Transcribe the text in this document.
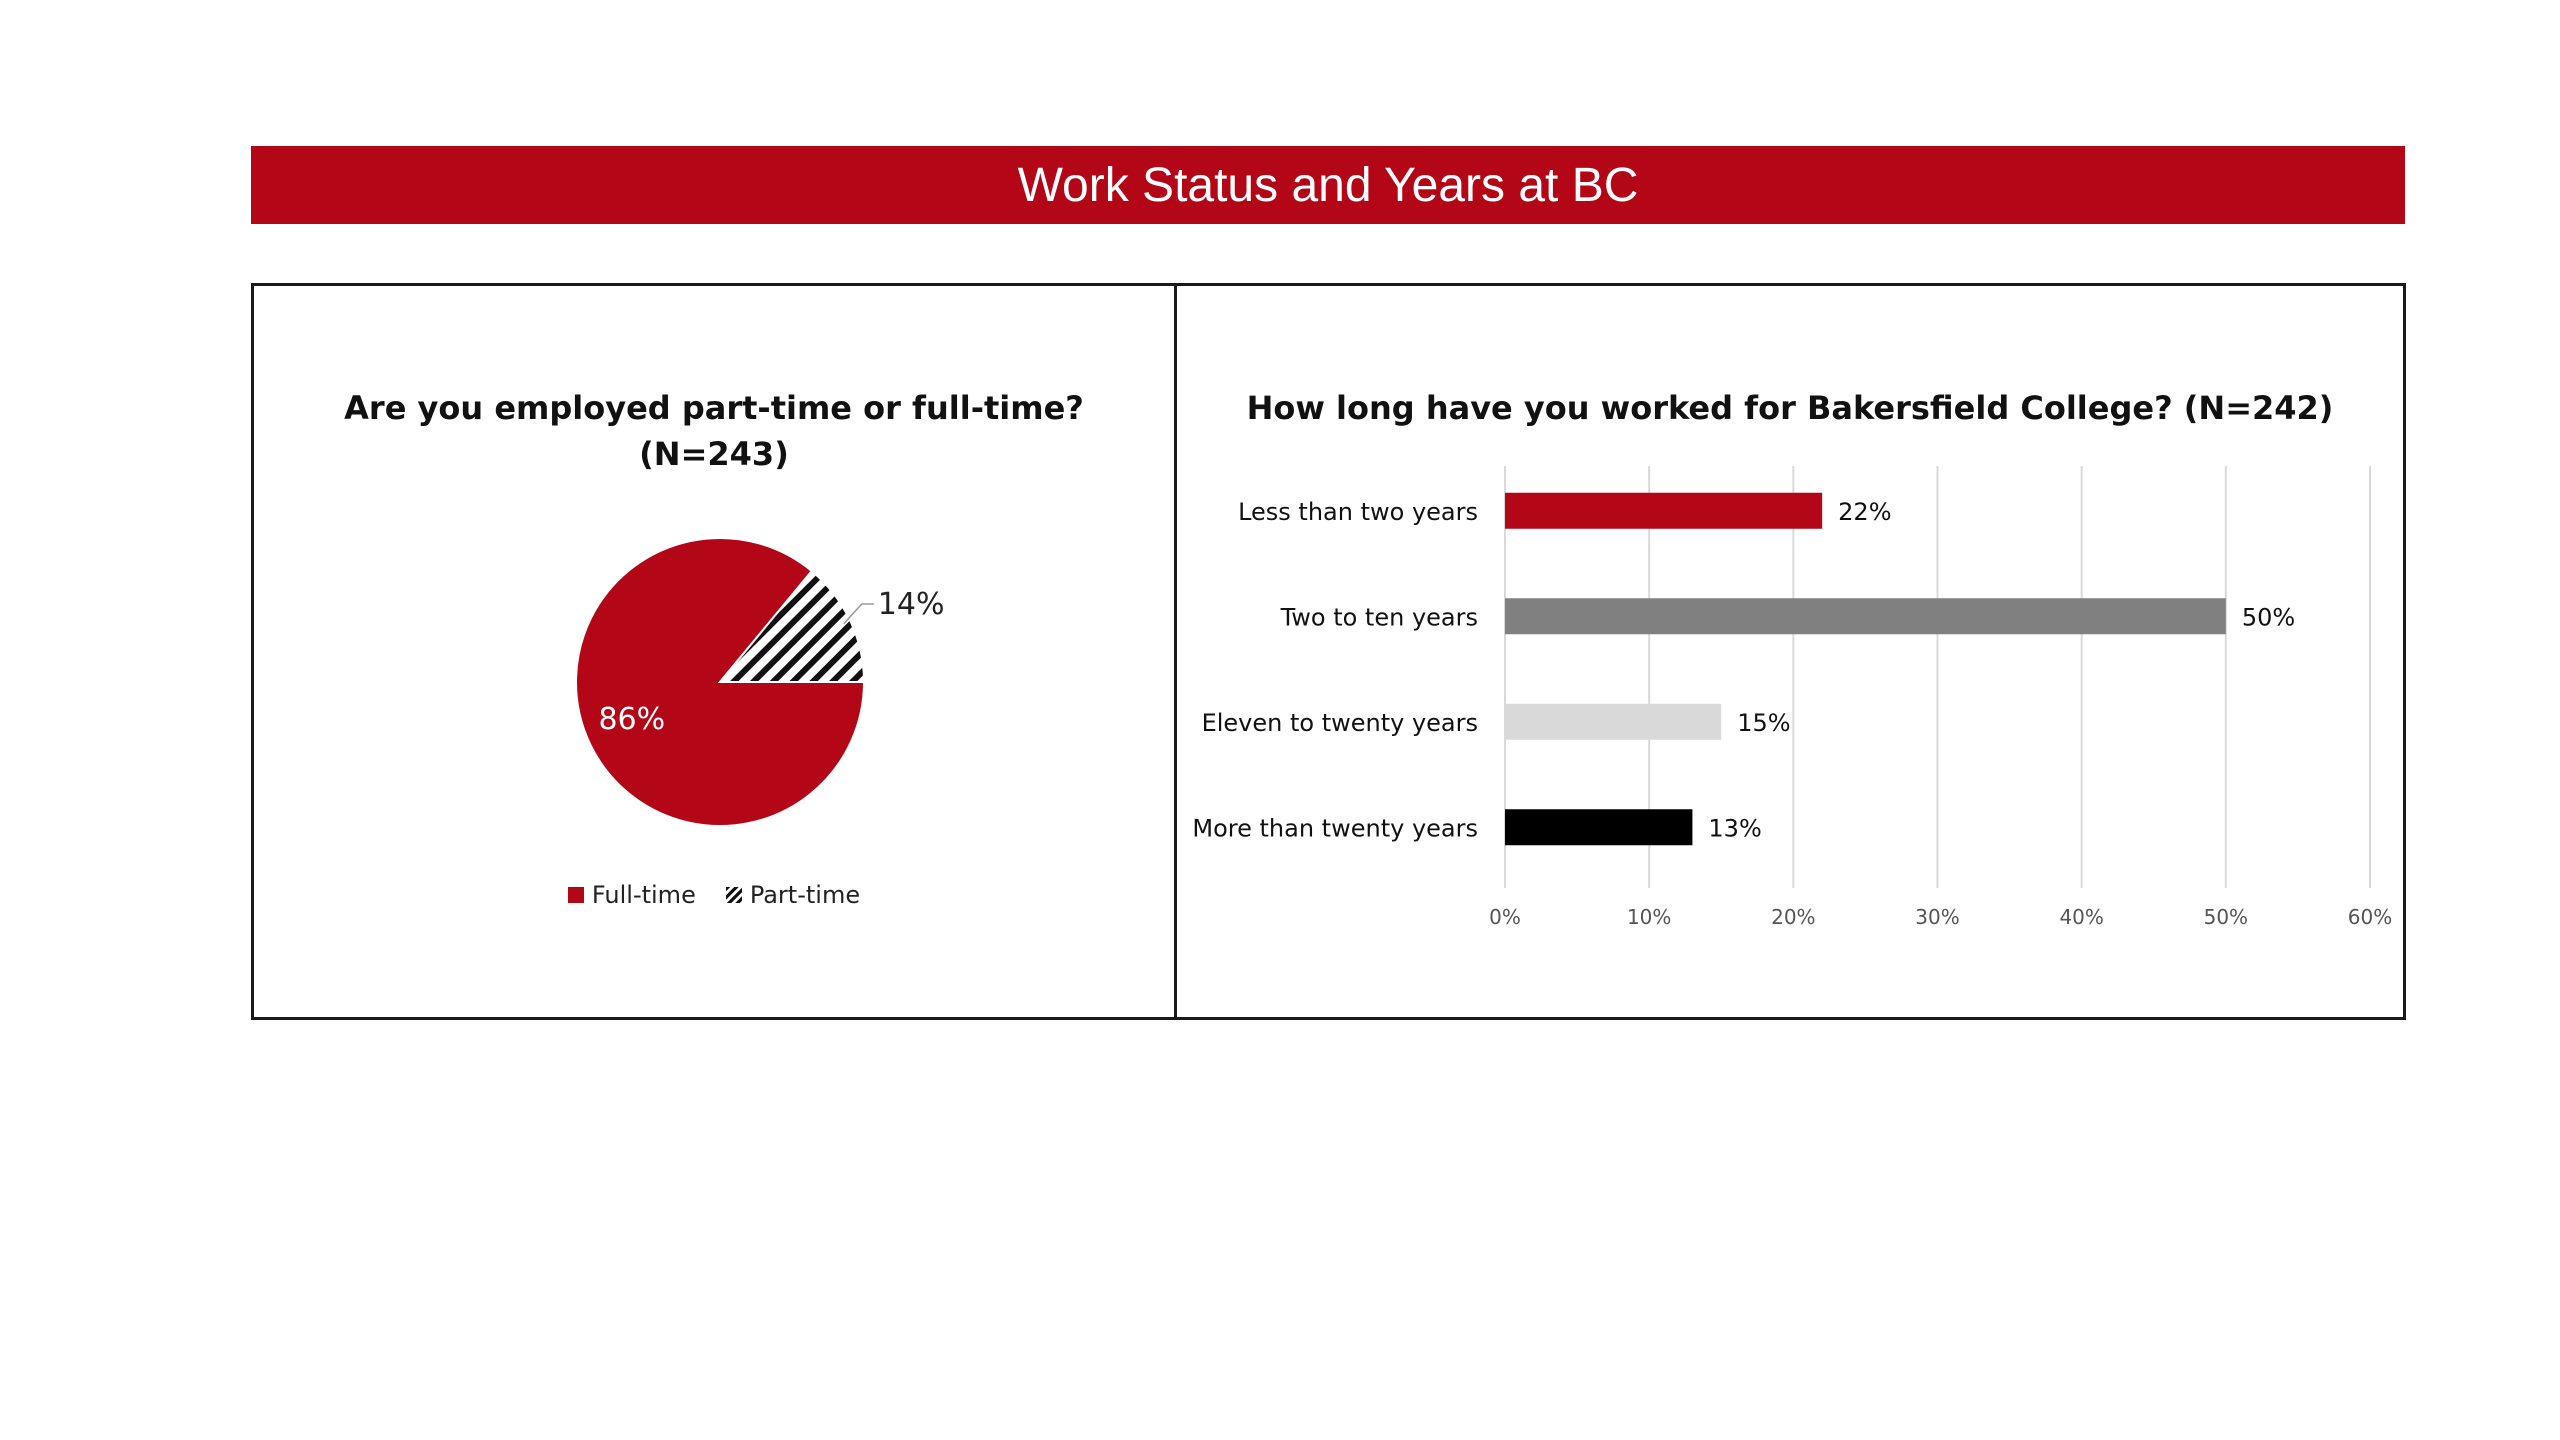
Work Status and Years at BC
Are you employed part-time or full-time?
(N=243)
86%
14%
Full-time Part-time
How long have you worked for Bakersfield College? (N=242)
0%	10%	20%	30%	40%	50%	60%
Less than two years	22%
Two to ten years	50%
Eleven to twenty years	15%
More than twenty years	13%
